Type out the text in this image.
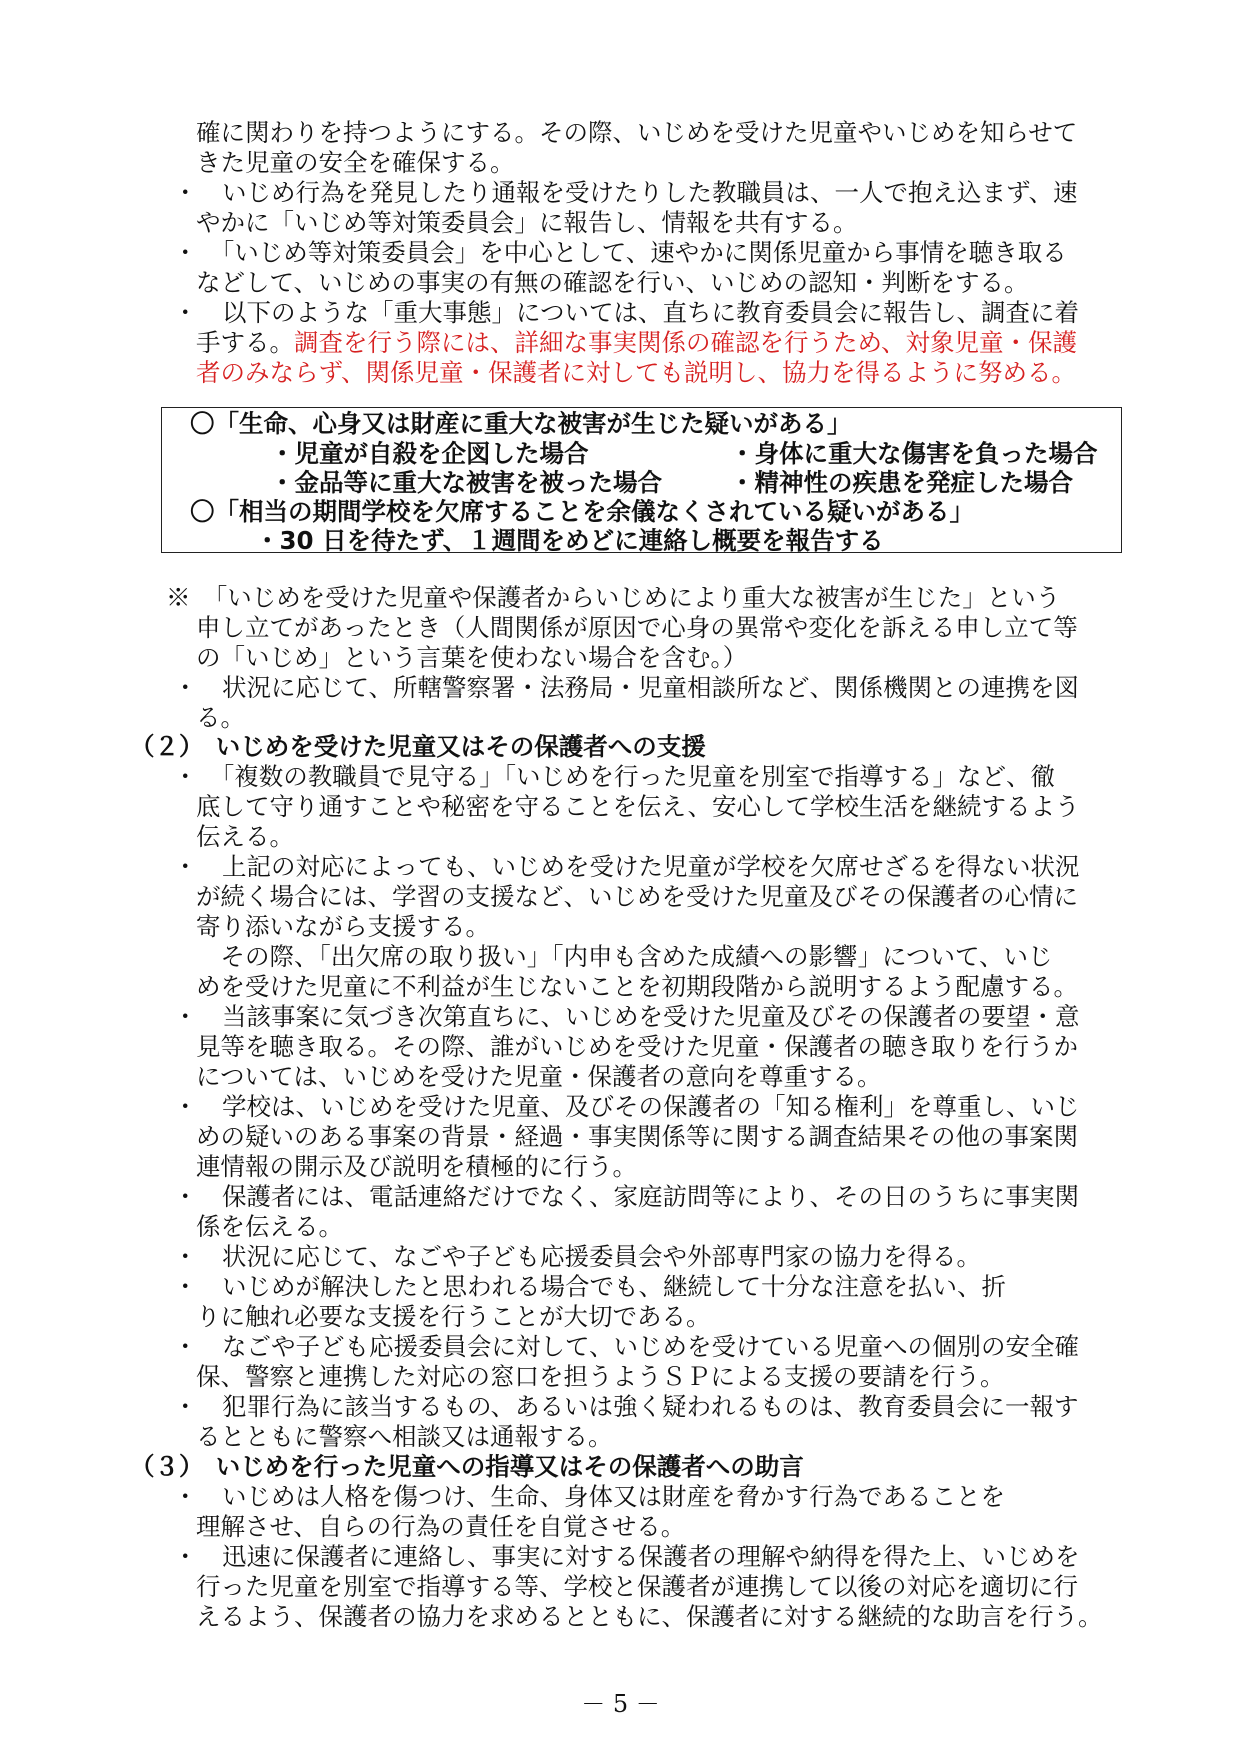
手する。調査を行う際には、詳細な事実関係の確認を行うため、対象児童・保護
者のみならず、関係児童・保護者に対しても説明し、協力を得るように努める。
－ 5 －
確に関わりを持つようにする。その際、いじめを受けた児童やいじめを知らせて
きた児童の安全を確保する。
・　いじめ行為を発見したり通報を受けたりした教職員は、一人で抱え込まず、速
やかに「いじめ等対策委員会」に報告し、情報を共有する。
・　「いじめ等対策委員会」を中心として、速やかに関係児童から事情を聴き取る
などして、いじめの事実の有無の確認を行い、いじめの認知・判断をする。
・　以下のような「重大事態」については、直ちに教育委員会に報告し、調査に着
〇「生命、心身又は財産に重大な被害が生じた疑いがある」
・児童が自殺を企図した場合	・身体に重大な傷害を負った場合
・金品等に重大な被害を被った場合	・精神性の疾患を発症した場合
〇「相当の期間学校を欠席することを余儀なくされている疑いがある」
・30 日を待たず、１週間をめどに連絡し概要を報告する
※　「いじめを受けた児童や保護者からいじめにより重大な被害が生じた」という
申し立てがあったとき（人間関係が原因で心身の異常や変化を訴える申し立て等
の「いじめ」という言葉を使わない場合を含む。）
・　状況に応じて、所轄警察署・法務局・児童相談所など、関係機関との連携を図
る。
（２）　いじめを受けた児童又はその保護者への支援
・　「複数の教職員で見守る」「いじめを行った児童を別室で指導する」など、徹
底して守り通すことや秘密を守ることを伝え、安心して学校生活を継続するよう
伝える。
・　上記の対応によっても、いじめを受けた児童が学校を欠席せざるを得ない状況
が続く場合には、学習の支援など、いじめを受けた児童及びその保護者の心情に
寄り添いながら支援する。
　その際、「出欠席の取り扱い」「内申も含めた成績への影響」について、いじ
めを受けた児童に不利益が生じないことを初期段階から説明するよう配慮する。
・　当該事案に気づき次第直ちに、いじめを受けた児童及びその保護者の要望・意
見等を聴き取る。その際、誰がいじめを受けた児童・保護者の聴き取りを行うか
については、いじめを受けた児童・保護者の意向を尊重する。
・　学校は、いじめを受けた児童、及びその保護者の「知る権利」を尊重し、いじ
めの疑いのある事案の背景・経過・事実関係等に関する調査結果その他の事案関
連情報の開示及び説明を積極的に行う。
・　保護者には、電話連絡だけでなく、家庭訪問等により、その日のうちに事実関
係を伝える。
・　状況に応じて、なごや子ども応援委員会や外部専門家の協力を得る。
・　いじめが解決したと思われる場合でも、継続して十分な注意を払い、折
りに触れ必要な支援を行うことが大切である。
・　なごや子ども応援委員会に対して、いじめを受けている児童への個別の安全確
保、警察と連携した対応の窓口を担うようＳＰによる支援の要請を行う。
・　犯罪行為に該当するもの、あるいは強く疑われるものは、教育委員会に一報す
るとともに警察へ相談又は通報する。
（３）　いじめを行った児童への指導又はその保護者への助言
・　いじめは人格を傷つけ、生命、身体又は財産を脅かす行為であることを
理解させ、自らの行為の責任を自覚させる。
・　迅速に保護者に連絡し、事実に対する保護者の理解や納得を得た上、いじめを
行った児童を別室で指導する等、学校と保護者が連携して以後の対応を適切に行
えるよう、保護者の協力を求めるとともに、保護者に対する継続的な助言を行う。
